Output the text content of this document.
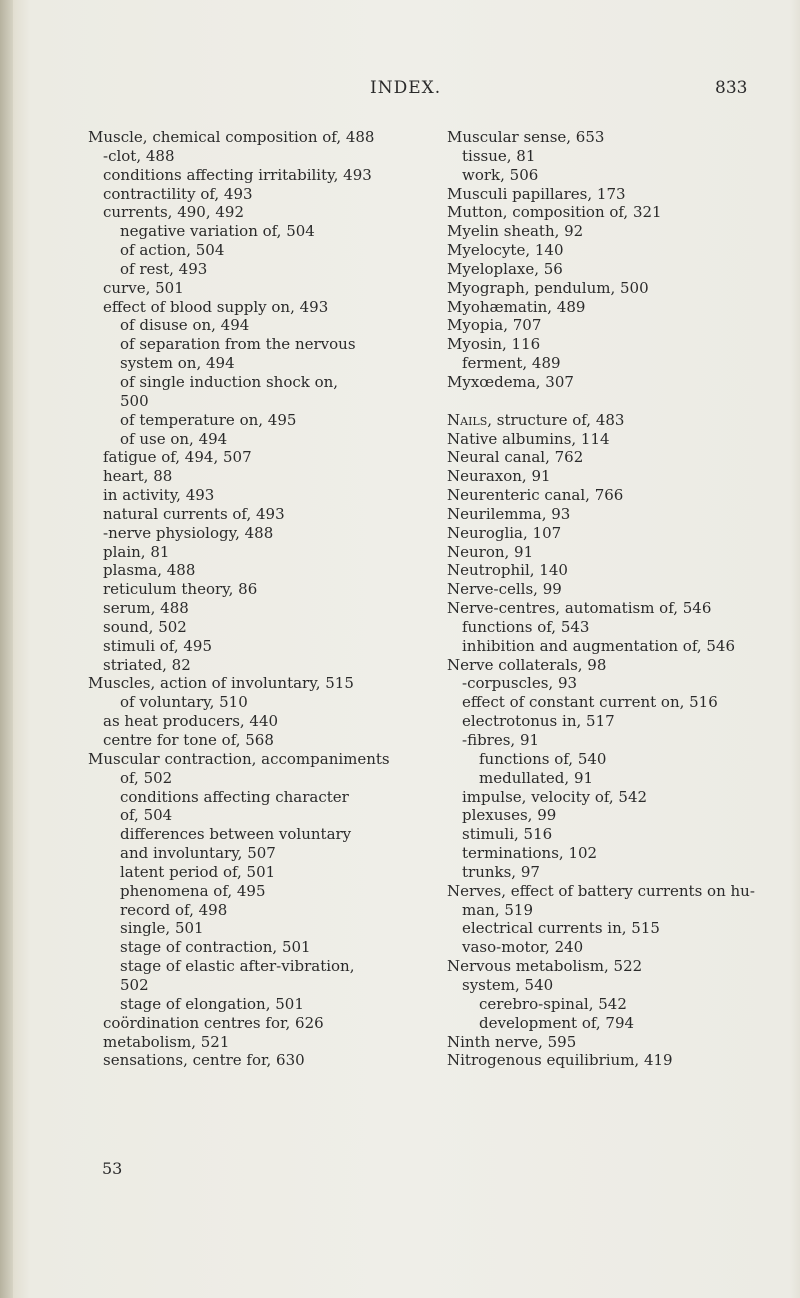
INDEX.	833
Muscle, chemical composition of, 488
-clot, 488
conditions affecting irritability, 493
contractility of, 493
currents, 490, 492
negative variation of, 504
of action, 504
of rest, 493
curve, 501
effect of blood supply on, 493
of disuse on, 494
of separation from the nervous
system on, 494
of single induction shock on,
500
of temperature on, 495
of use on, 494
fatigue of, 494, 507
heart, 88
in activity, 493
natural currents of, 493
-nerve physiology, 488
plain, 81
plasma, 488
reticulum theory, 86
serum, 488
sound, 502
stimuli of, 495
striated, 82
Muscles, action of involuntary, 515
of voluntary, 510
as heat producers, 440
centre for tone of, 568
Muscular contraction, accompaniments
of, 502
conditions affecting character
of, 504
differences between voluntary
and involuntary, 507
latent period of, 501
phenomena of, 495
record of, 498
single, 501
stage of contraction, 501
stage of elastic after-vibration,
502
stage of elongation, 501
coördination centres for, 626
metabolism, 521
sensations, centre for, 630
Muscular sense, 653
tissue, 81
work, 506
Musculi papillares, 173
Mutton, composition of, 321
Myelin sheath, 92
Myelocyte, 140
Myeloplaxe, 56
Myograph, pendulum, 500
Myohæmatin, 489
Myopia, 707
Myosin, 116
ferment, 489
Myxœdema, 307
Nails, structure of, 483
Native albumins, 114
Neural canal, 762
Neuraxon, 91
Neurenteric canal, 766
Neurilemma, 93
Neuroglia, 107
Neuron, 91
Neutrophil, 140
Nerve-cells, 99
Nerve-centres, automatism of, 546
functions of, 543
inhibition and augmentation of, 546
Nerve collaterals, 98
-corpuscles, 93
effect of constant current on, 516
electrotonus in, 517
-fibres, 91
functions of, 540
medullated, 91
impulse, velocity of, 542
plexuses, 99
stimuli, 516
terminations, 102
trunks, 97
Nerves, effect of battery currents on hu-
man, 519
electrical currents in, 515
vaso-motor, 240
Nervous metabolism, 522
system, 540
cerebro-spinal, 542
development of, 794
Ninth nerve, 595
Nitrogenous equilibrium, 419
53
